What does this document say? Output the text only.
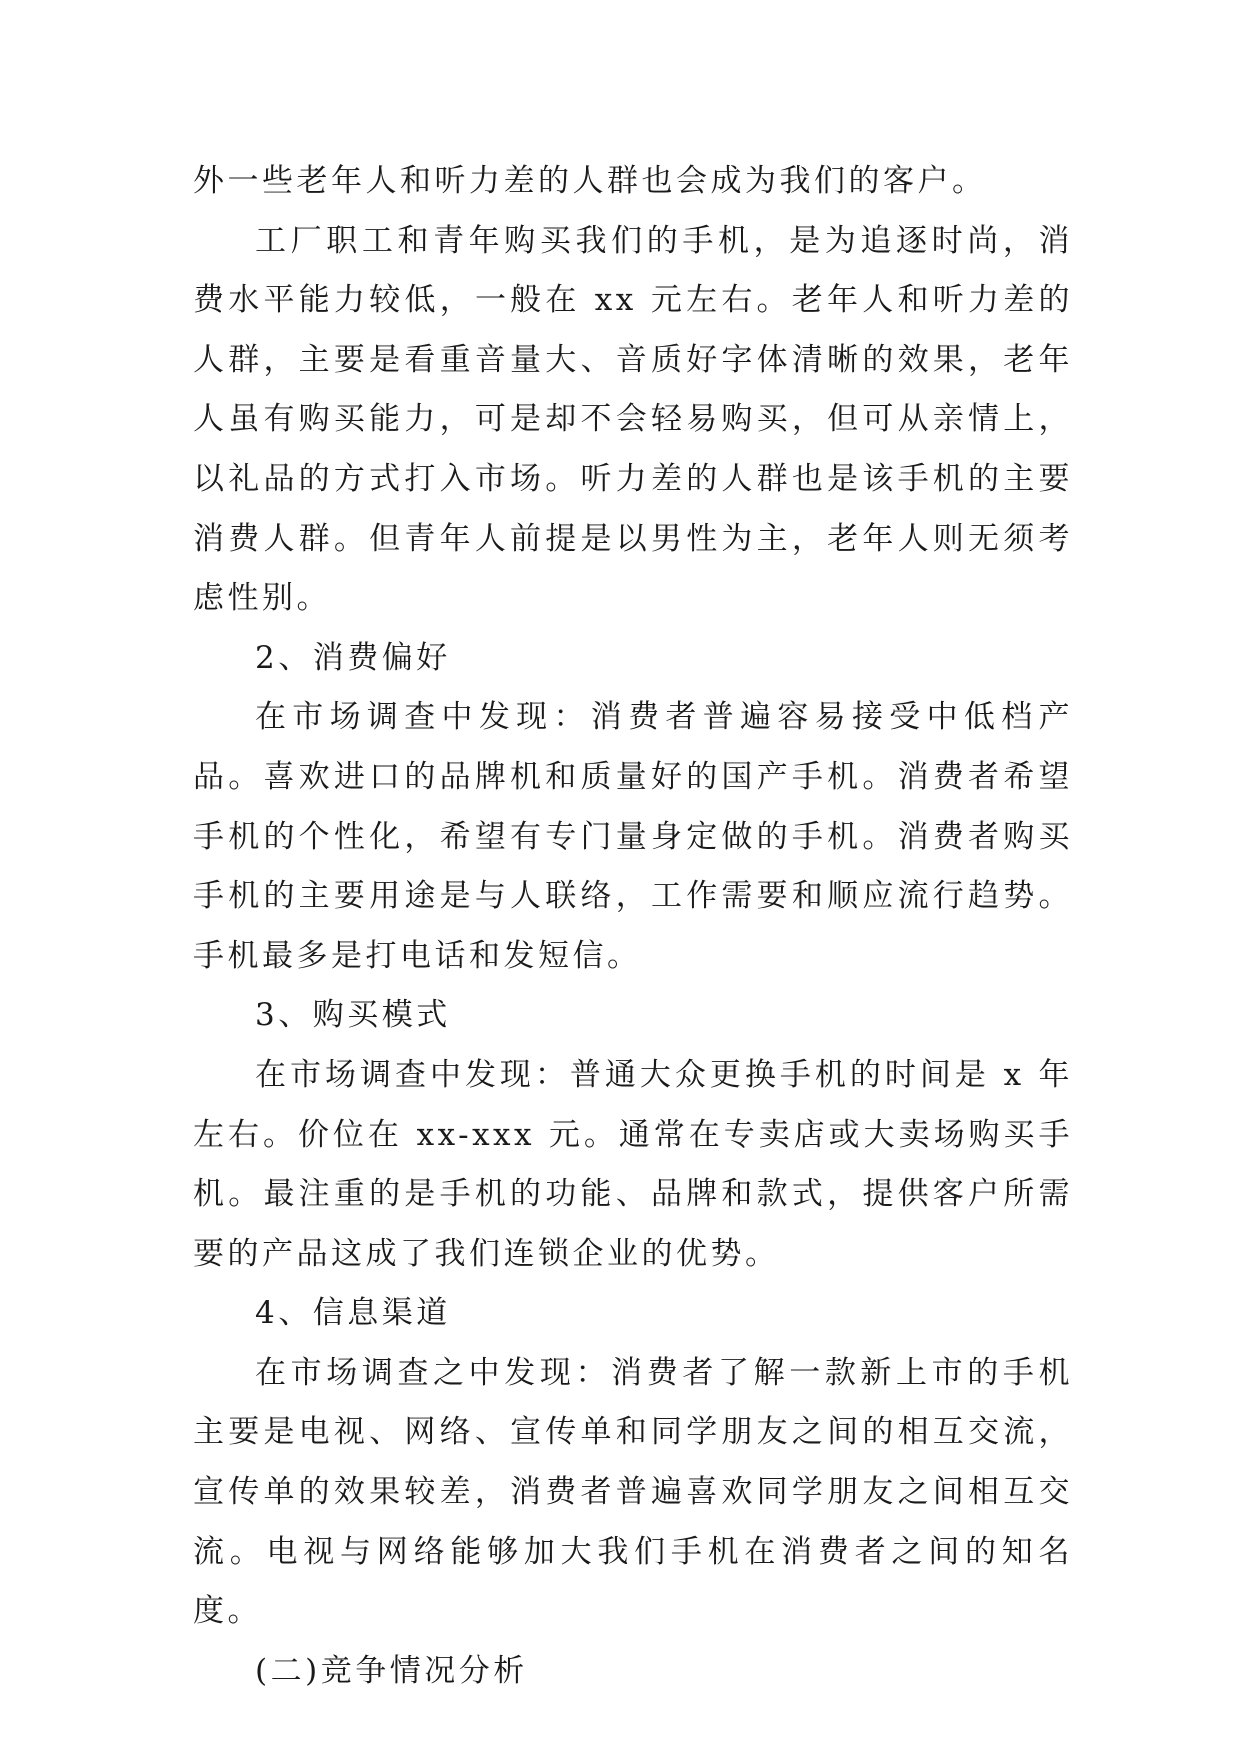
外一些老年人和听力差的人群也会成为我们的客户。

工厂职工和青年购买我们的手机，是为追逐时尚，消费水平能力较低，一般在 xx 元左右。老年人和听力差的人群，主要是看重音量大、音质好字体清晰的效果，老年人虽有购买能力，可是却不会轻易购买，但可从亲情上，以礼品的方式打入市场。听力差的人群也是该手机的主要消费人群。但青年人前提是以男性为主，老年人则无须考虑性别。

2、消费偏好

在市场调查中发现：消费者普遍容易接受中低档产品。喜欢进口的品牌机和质量好的国产手机。消费者希望手机的个性化，希望有专门量身定做的手机。消费者购买手机的主要用途是与人联络，工作需要和顺应流行趋势。手机最多是打电话和发短信。

3、购买模式

在市场调查中发现：普通大众更换手机的时间是 x 年左右。价位在 xx-xxx 元。通常在专卖店或大卖场购买手机。最注重的是手机的功能、品牌和款式，提供客户所需要的产品这成了我们连锁企业的优势。

4、信息渠道

在市场调查之中发现：消费者了解一款新上市的手机主要是电视、网络、宣传单和同学朋友之间的相互交流，宣传单的效果较差，消费者普遍喜欢同学朋友之间相互交流。电视与网络能够加大我们手机在消费者之间的知名度。

(二)竞争情况分析
